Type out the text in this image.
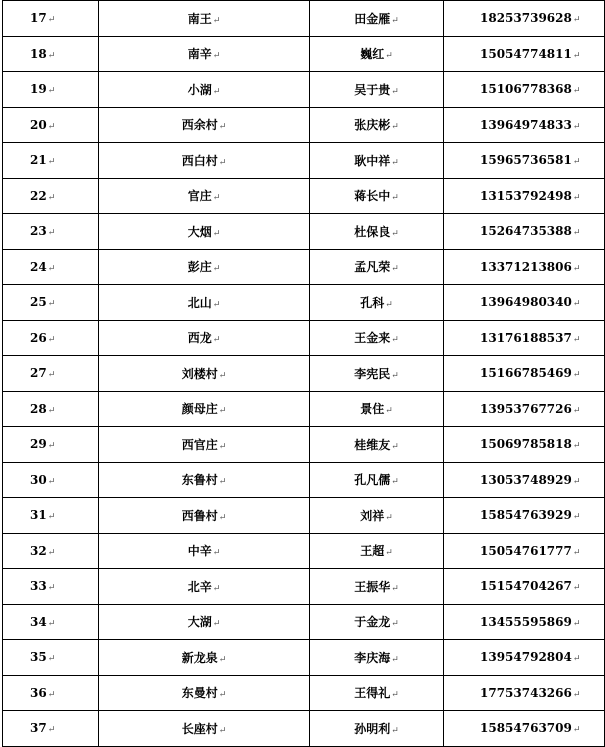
17↵	南王↵	田金雁↵	18253739628↵
18↵	南辛↵	巍红↵	15054774811↵
19↵	小湖↵	吴于贵↵	15106778368↵
20↵	西余村↵	张庆彬↵	13964974833↵
21↵	西白村↵	耿中祥↵	15965736581↵
22↵	官庄↵	蒋长中↵	13153792498↵
23↵	大烟↵	杜保良↵	15264735388↵
24↵	彭庄↵	孟凡荣↵	13371213806↵
25↵	北山↵	孔科↵	13964980340↵
26↵	西龙↵	王金来↵	13176188537↵
27↵	刘楼村↵	李宪民↵	15166785469↵
28↵	颜母庄↵	景住↵	13953767726↵
29↵	西官庄↵	桂维友↵	15069785818↵
30↵	东鲁村↵	孔凡儒↵	13053748929↵
31↵	西鲁村↵	刘祥↵	15854763929↵
32↵	中辛↵	王超↵	15054761777↵
33↵	北辛↵	王振华↵	15154704267↵
34↵	大湖↵	于金龙↵	13455595869↵
35↵	新龙泉↵	李庆海↵	13954792804↵
36↵	东曼村↵	王得礼↵	17753743266↵
37↵	长座村↵	孙明利↵	15854763709↵
